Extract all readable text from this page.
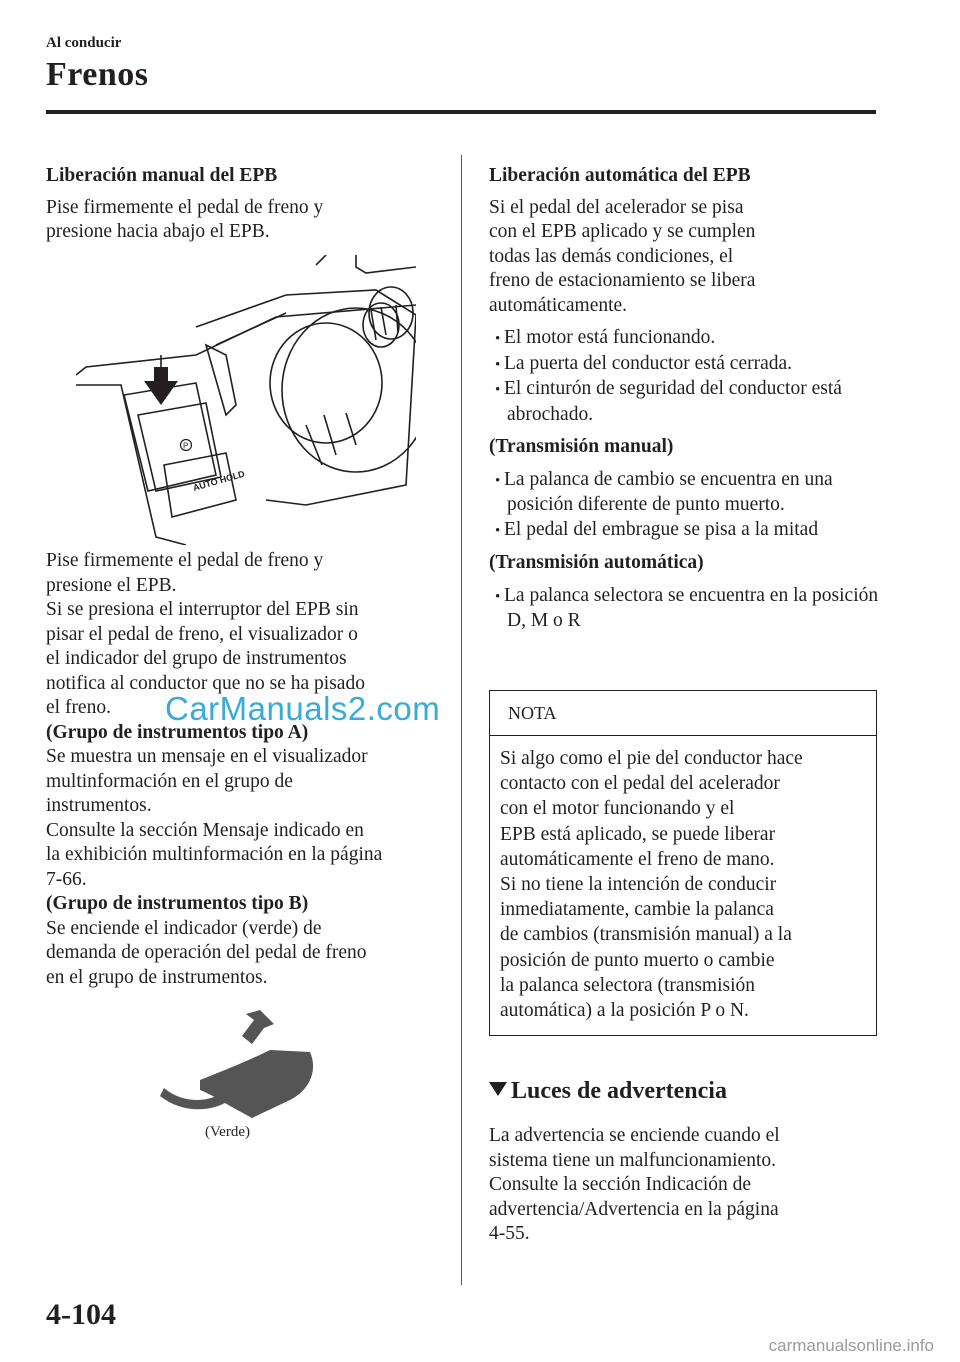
Al conducir
Frenos

Liberación manual del EPB

Pise firmemente el pedal de freno y

presione hacia abajo el EPB.

P
AUTO HOLD

Pise firmemente el pedal de freno y

presione el EPB.

Si se presiona el interruptor del EPB sin

pisar el pedal de freno, el visualizador o

el indicador del grupo de instrumentos

notifica al conductor que no se ha pisado

el freno.

(Grupo de instrumentos tipo A)

Se muestra un mensaje en el visualizador

multinformación en el grupo de

instrumentos.

Consulte la sección Mensaje indicado en

la exhibición multinformación en la página

7-66.

(Grupo de instrumentos tipo B)

Se enciende el indicador (verde) de

demanda de operación del pedal de freno

en el grupo de instrumentos.

CarManuals2.com
(Verde)

Liberación automática del EPB

Si el pedal del acelerador se pisa

con el EPB aplicado y se cumplen

todas las demás condiciones, el

freno de estacionamiento se libera

automáticamente.

• El motor está funcionando.
• La puerta del conductor está cerrada.
• El cinturón de seguridad del conductor está abrochado.

(Transmisión manual)

• La palanca de cambio se encuentra en una posición diferente de punto muerto.
• El pedal del embrague se pisa a la mitad

(Transmisión automática)

• La palanca selectora se encuentra en la posición D, M o R
NOTA
Si algo como el pie del conductor hace
contacto con el pedal del acelerador
con el motor funcionando y el
EPB está aplicado, se puede liberar
automáticamente el freno de mano.
Si no tiene la intención de conducir
inmediatamente, cambie la palanca
de cambios (transmisión manual) a la
posición de punto muerto o cambie
la palanca selectora (transmisión
automática) a la posición P o N.
Luces de advertencia

La advertencia se enciende cuando el

sistema tiene un malfuncionamiento.

Consulte la sección Indicación de

advertencia/Advertencia en la página

4-55.

4-104
carmanualsonline.info
